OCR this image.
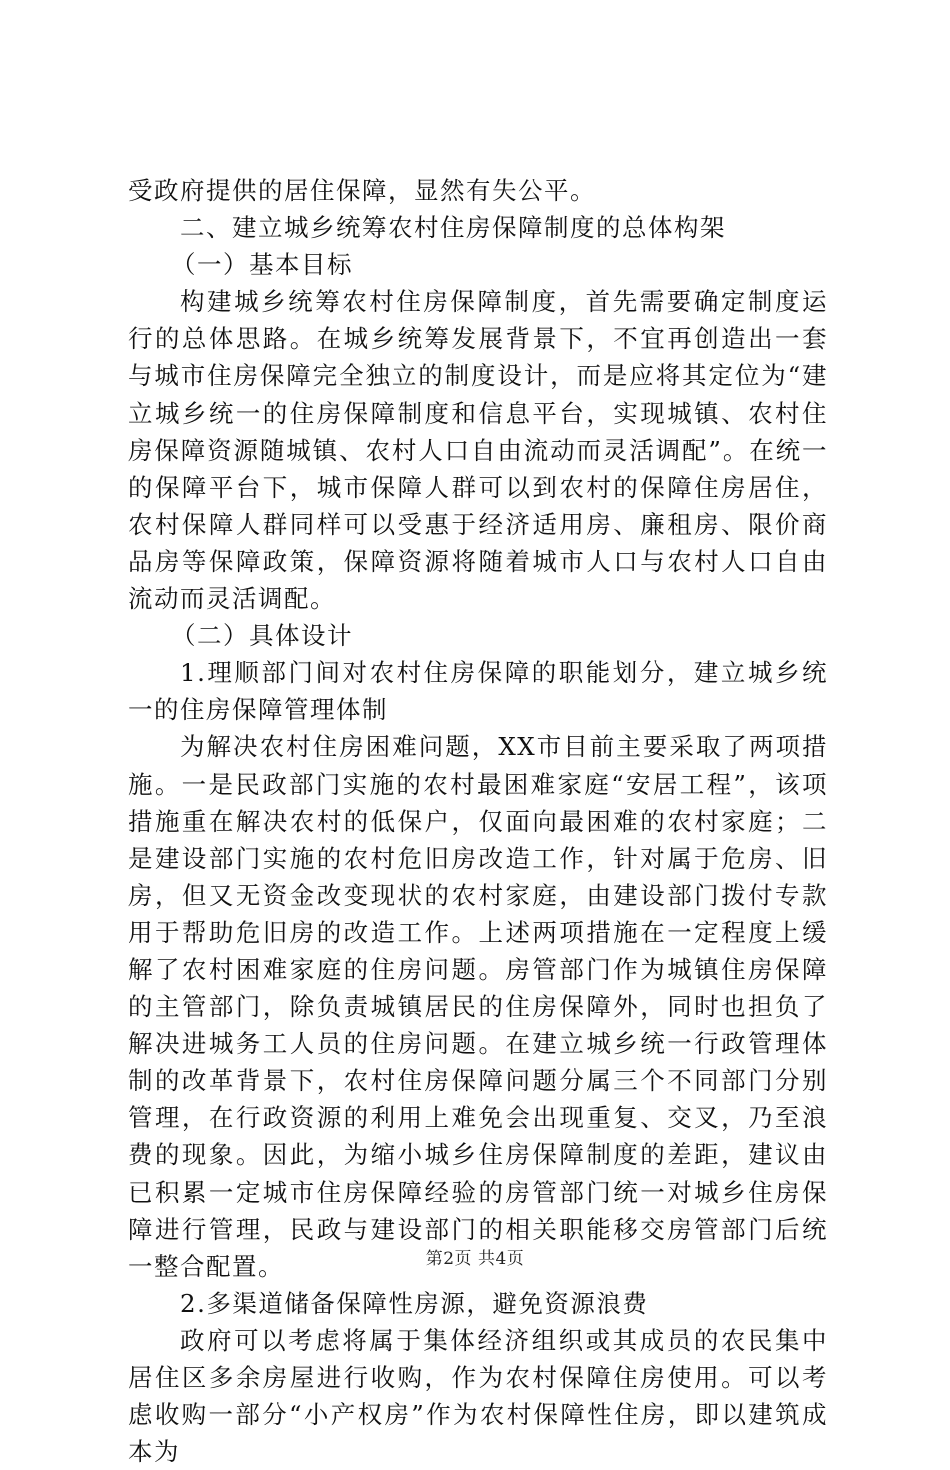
受政府提供的居住保障，显然有失公平。

二、建立城乡统筹农村住房保障制度的总体构架

（一）基本目标

构建城乡统筹农村住房保障制度，首先需要确定制度运行的总体思路。在城乡统筹发展背景下，不宜再创造出一套与城市住房保障完全独立的制度设计，而是应将其定位为“建立城乡统一的住房保障制度和信息平台，实现城镇、农村住房保障资源随城镇、农村人口自由流动而灵活调配”。在统一的保障平台下，城市保障人群可以到农村的保障住房居住，农村保障人群同样可以受惠于经济适用房、廉租房、限价商品房等保障政策，保障资源将随着城市人口与农村人口自由流动而灵活调配。

（二）具体设计

1.理顺部门间对农村住房保障的职能划分，建立城乡统一的住房保障管理体制

为解决农村住房困难问题，XX市目前主要采取了两项措施。一是民政部门实施的农村最困难家庭“安居工程”，该项措施重在解决农村的低保户，仅面向最困难的农村家庭；二是建设部门实施的农村危旧房改造工作，针对属于危房、旧房，但又无资金改变现状的农村家庭，由建设部门拨付专款用于帮助危旧房的改造工作。上述两项措施在一定程度上缓解了农村困难家庭的住房问题。房管部门作为城镇住房保障的主管部门，除负责城镇居民的住房保障外，同时也担负了解决进城务工人员的住房问题。在建立城乡统一行政管理体制的改革背景下，农村住房保障问题分属三个不同部门分别管理，在行政资源的利用上难免会出现重复、交叉，乃至浪费的现象。因此，为缩小城乡住房保障制度的差距，建议由已积累一定城市住房保障经验的房管部门统一对城乡住房保障进行管理，民政与建设部门的相关职能移交房管部门后统一整合配置。

2.多渠道储备保障性房源，避免资源浪费

政府可以考虑将属于集体经济组织或其成员的农民集中居住区多余房屋进行收购，作为农村保障住房使用。可以考虑收购一部分“小产权房”作为农村保障性住房，即以建筑成本为

第2页 共4页
